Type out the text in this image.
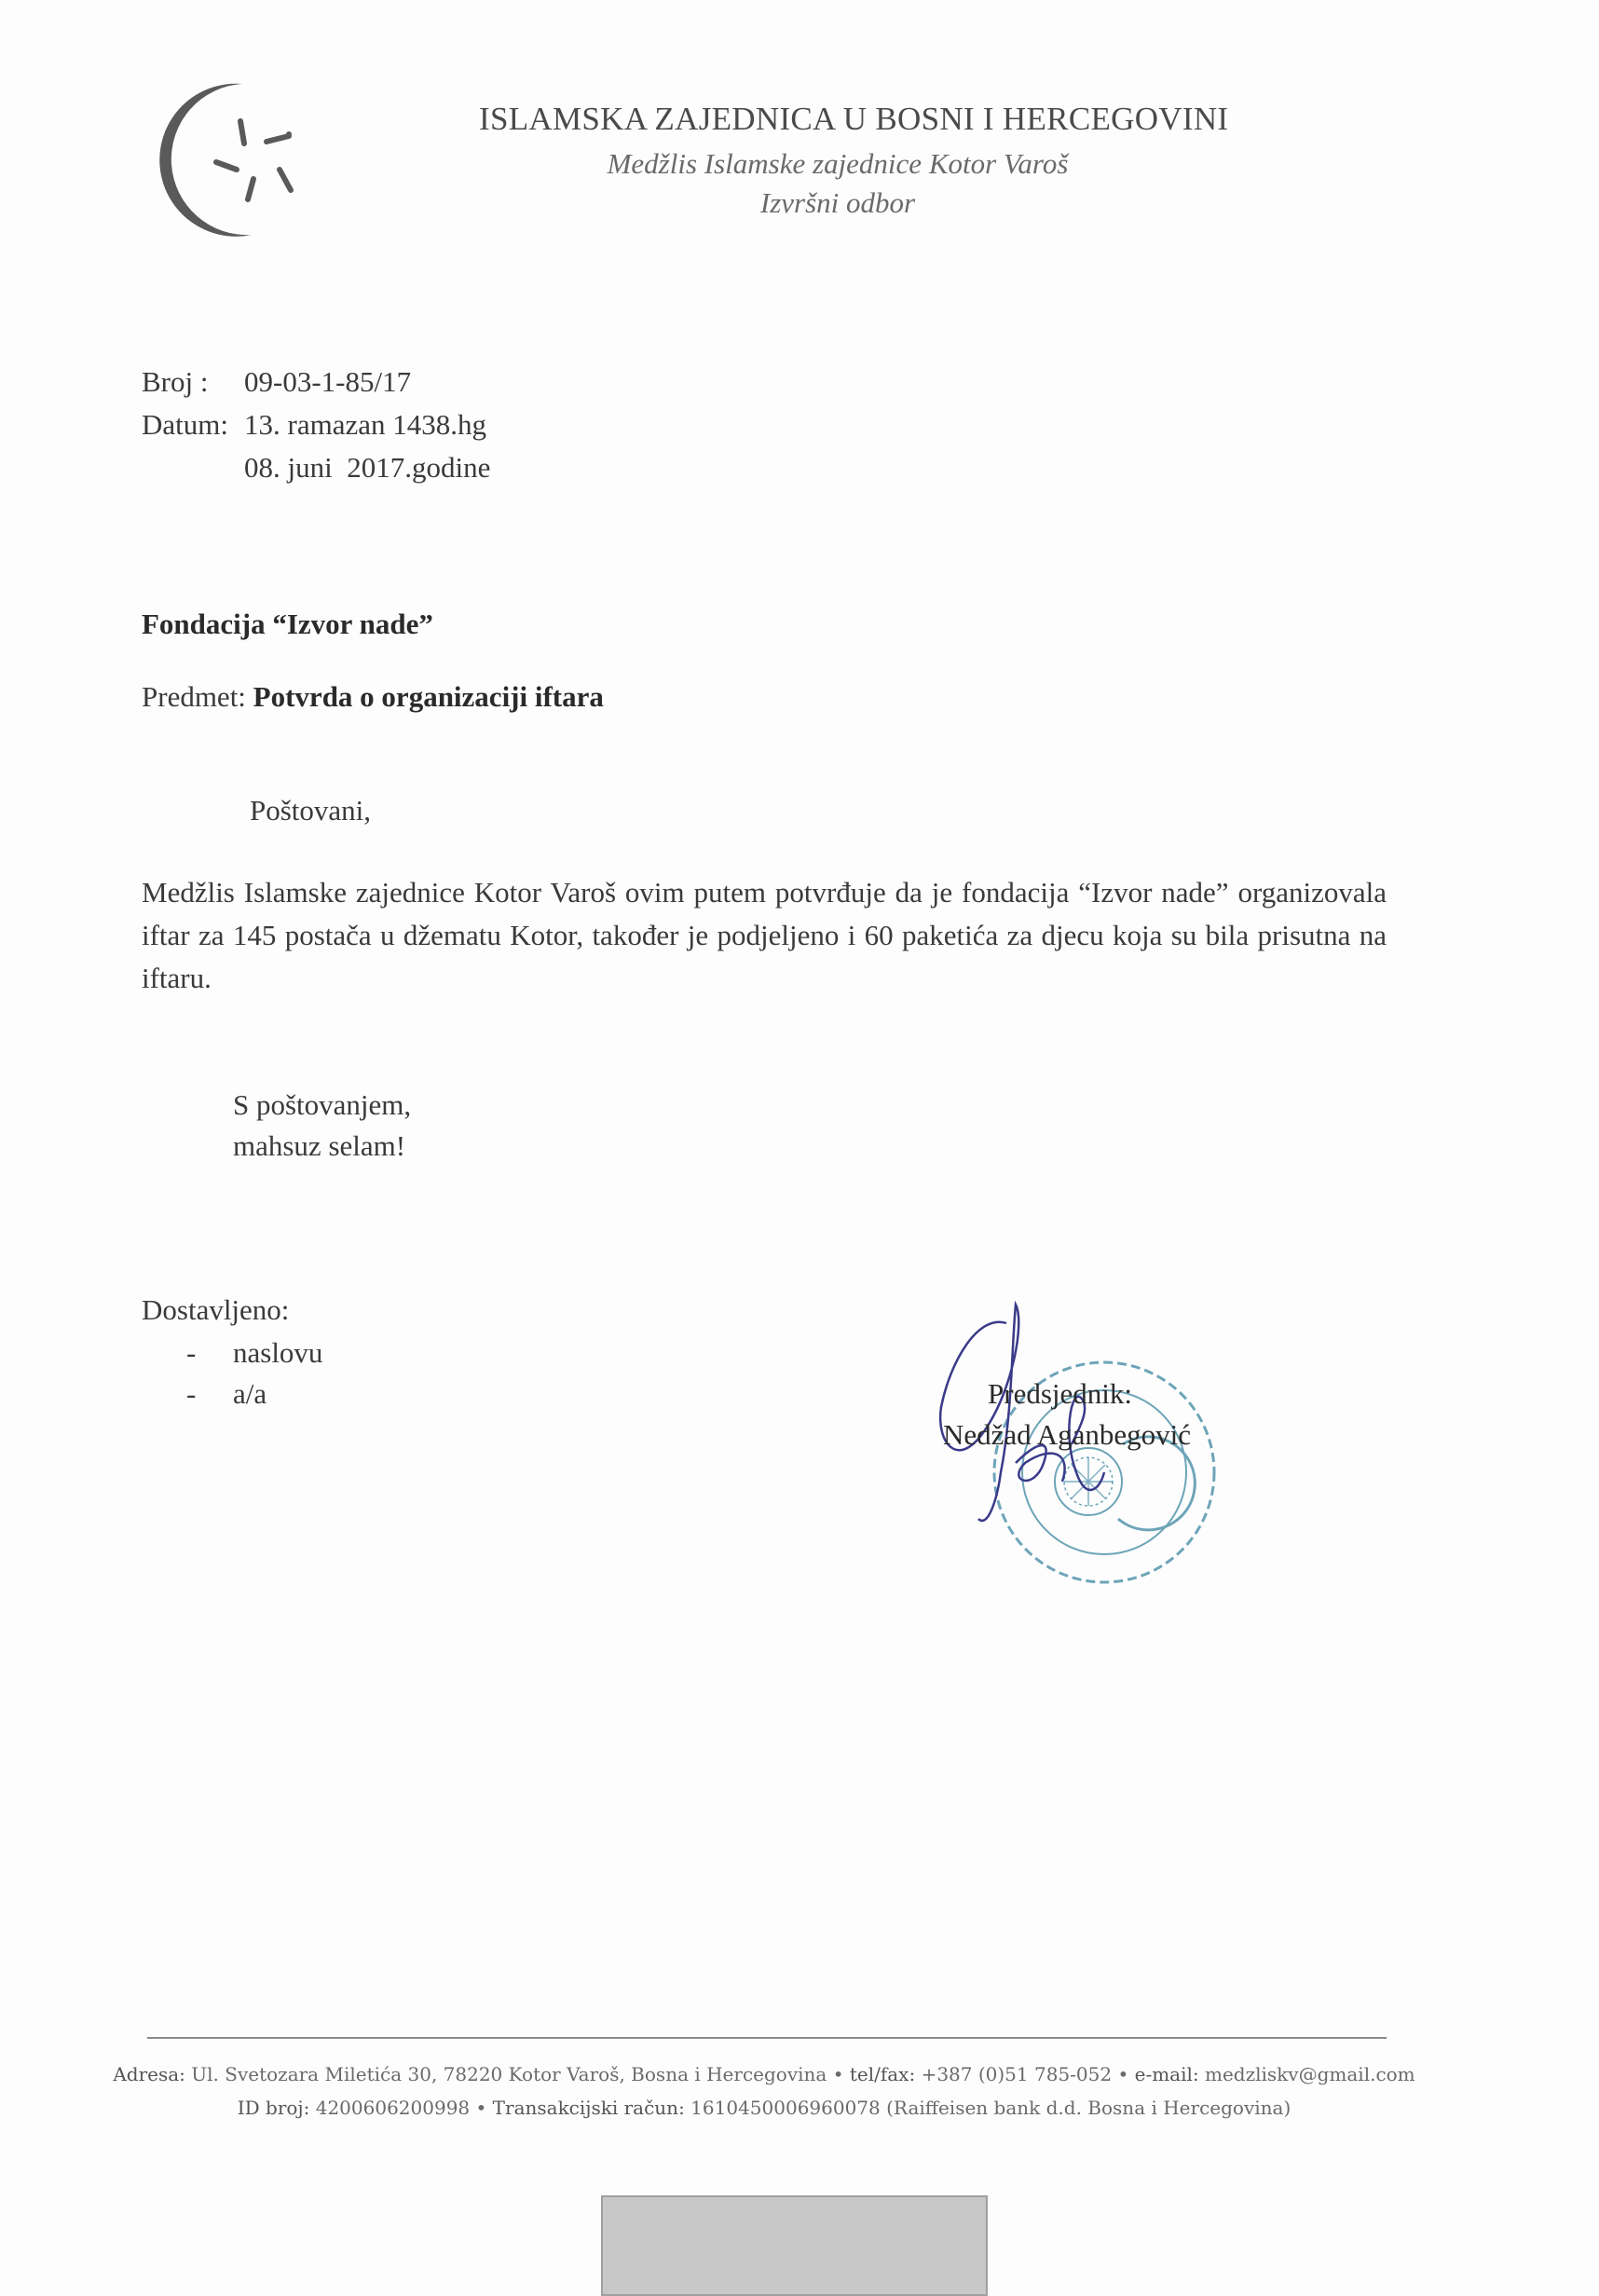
ISLAMSKA ZAJEDNICA U BOSNI I HERCEGOVINI
Medžlis Islamske zajednice Kotor Varoš
Izvršni odbor
Broj : 09-03-1-85/17
Datum: 13. ramazan 1438.hg
08. juni  2017.godine
Fondacija “Izvor nade”
Predmet: Potvrda o organizaciji iftara
Poštovani,
Medžlis Islamske zajednice Kotor Varoš ovim putem potvrđuje da je fondacija “Izvor nade” organizovala iftar za 145 postača u džematu Kotor, također je podjeljeno i 60 paketića za djecu koja su bila prisutna na iftaru.
S poštovanjem,
mahsuz selam!
Dostavljeno:
- naslovu
- a/a	Predsjednik:
Nedžad Aganbegović
Adresa: Ul. Svetozara Miletića 30, 78220 Kotor Varoš, Bosna i Hercegovina • tel/fax: +387 (0)51 785-052 • e-mail: medzliskv@gmail.com
ID broj: 4200606200998 • Transakcijski račun: 1610450006960078 (Raiffeisen bank d.d. Bosna i Hercegovina)
